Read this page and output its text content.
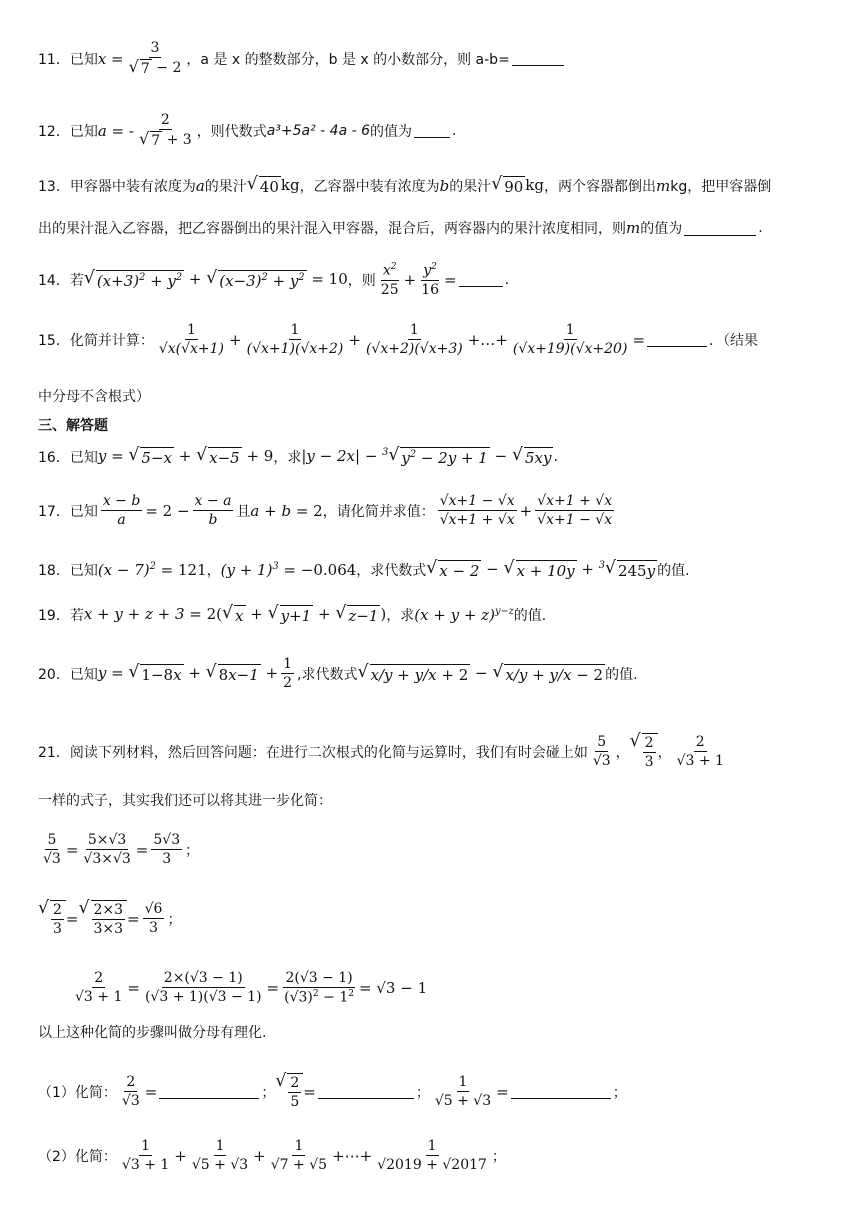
11． 已知 $x = \frac{3}{√ 7 - 2}$ ，a 是 x 的整数部分，b 是 x 的小数部分，则 a-b=
12． 已知 a = - $\frac{2}{√ 7 + 3}$ ，则代数式 a³+5a² - 4a - 6 的值为	.
13． 甲容器中装有浓度为 a 的果汁 √ 40 kg ，乙容器中装有浓度为 b 的果汁 √ 90 kg ，两个容器都倒出 m kg，把甲容器倒
出的果汁混入乙容器，把乙容器倒出的果汁混入甲容器，混合后，两容器内的果汁浓度相同，则 m 的值为	.
14． 若 √ $(x+3)^2 + y^2$ + √ $(x-3)^2 + y^2 = 10$ ，则 $\frac{x^2}{25} + \frac{y^2}{16}$ =	.
15． 化简并计算： $\frac{1}{√x(√x+1)} + \frac{1}{(√x+1)(√x+2)} + \frac{1}{(√x+2)(√x+3)}$ +…+ $\frac{1}{(√x+19)(√x+20)}$ =	．（结果
中分母不含根式）
三、解答题
16． 已知 y = √ 5−x + √ x−5 + 9 ，求 |y − 2x| − $^3$ √ $y^2 - 2y + 1$ − √ 5xy .
17． 已知 $\frac{x - b}{a} = 2 - \frac{x - a}{b}$ 且 a + b = 2 ，请化简并求值： $\frac{√x+1 - √x}{√x+1 + √x} + \frac{√x+1 + √x}{√x+1 - √x}$
18． 已知 $(x - 7)^2 = 121$ ， $(y + 1)^3 = -0.064$ ，求代数式 √ x − 2 − √ x + 10y + $^3$ √ 245y 的值.
19． 若 x + y + z + 3 = 2( √ x + √ y+1 + √ z−1 ) ，求 $(x + y + z)^{y-z}$ 的值.
20． 已知 y = √ 1−8x + √ $8x-1 + \frac{1}{2}$ ,求代数式 √ x/y + y/x + 2 − √ x/y + y/x − 2 的值.
21． 阅读下列材料，然后回答问题：在进行二次根式的化简与运算时，我们有时会碰上如 $\frac{5}{√3}$ ，
√ $\frac{2}{3}$ ， $\frac{2}{√3 + 1}$
一样的式子，其实我们还可以将其进一步化简：
$\frac{5}{√3} = \frac{5\times√3}{√3\times√3} = \frac{5√3}{3}$ ；
√ $\frac{2}{3}$ =
√ $\frac{2\times 3}{3\times 3} = \frac{√6}{3}$ ；
$\frac{2}{√3 + 1} = \frac{2\times(√3 - 1)}{(√3 + 1)(√3 - 1)} = \frac{2(√3 - 1)}{(√3)^2 - 1^2} = √3 - 1$
以上这种化简的步骤叫做分母有理化.
（1）化简： $\frac{2}{√3}$ =	；
√ $\frac{2}{5}$ =	； $\frac{1}{√5 + √3}$ =	；
（2）化简： $\frac{1}{√3 + 1} + \frac{1}{√5 + √3} + \frac{1}{√7 + √5}$ +⋯+ $\frac{1}{√2019 + √2017}$ ；
